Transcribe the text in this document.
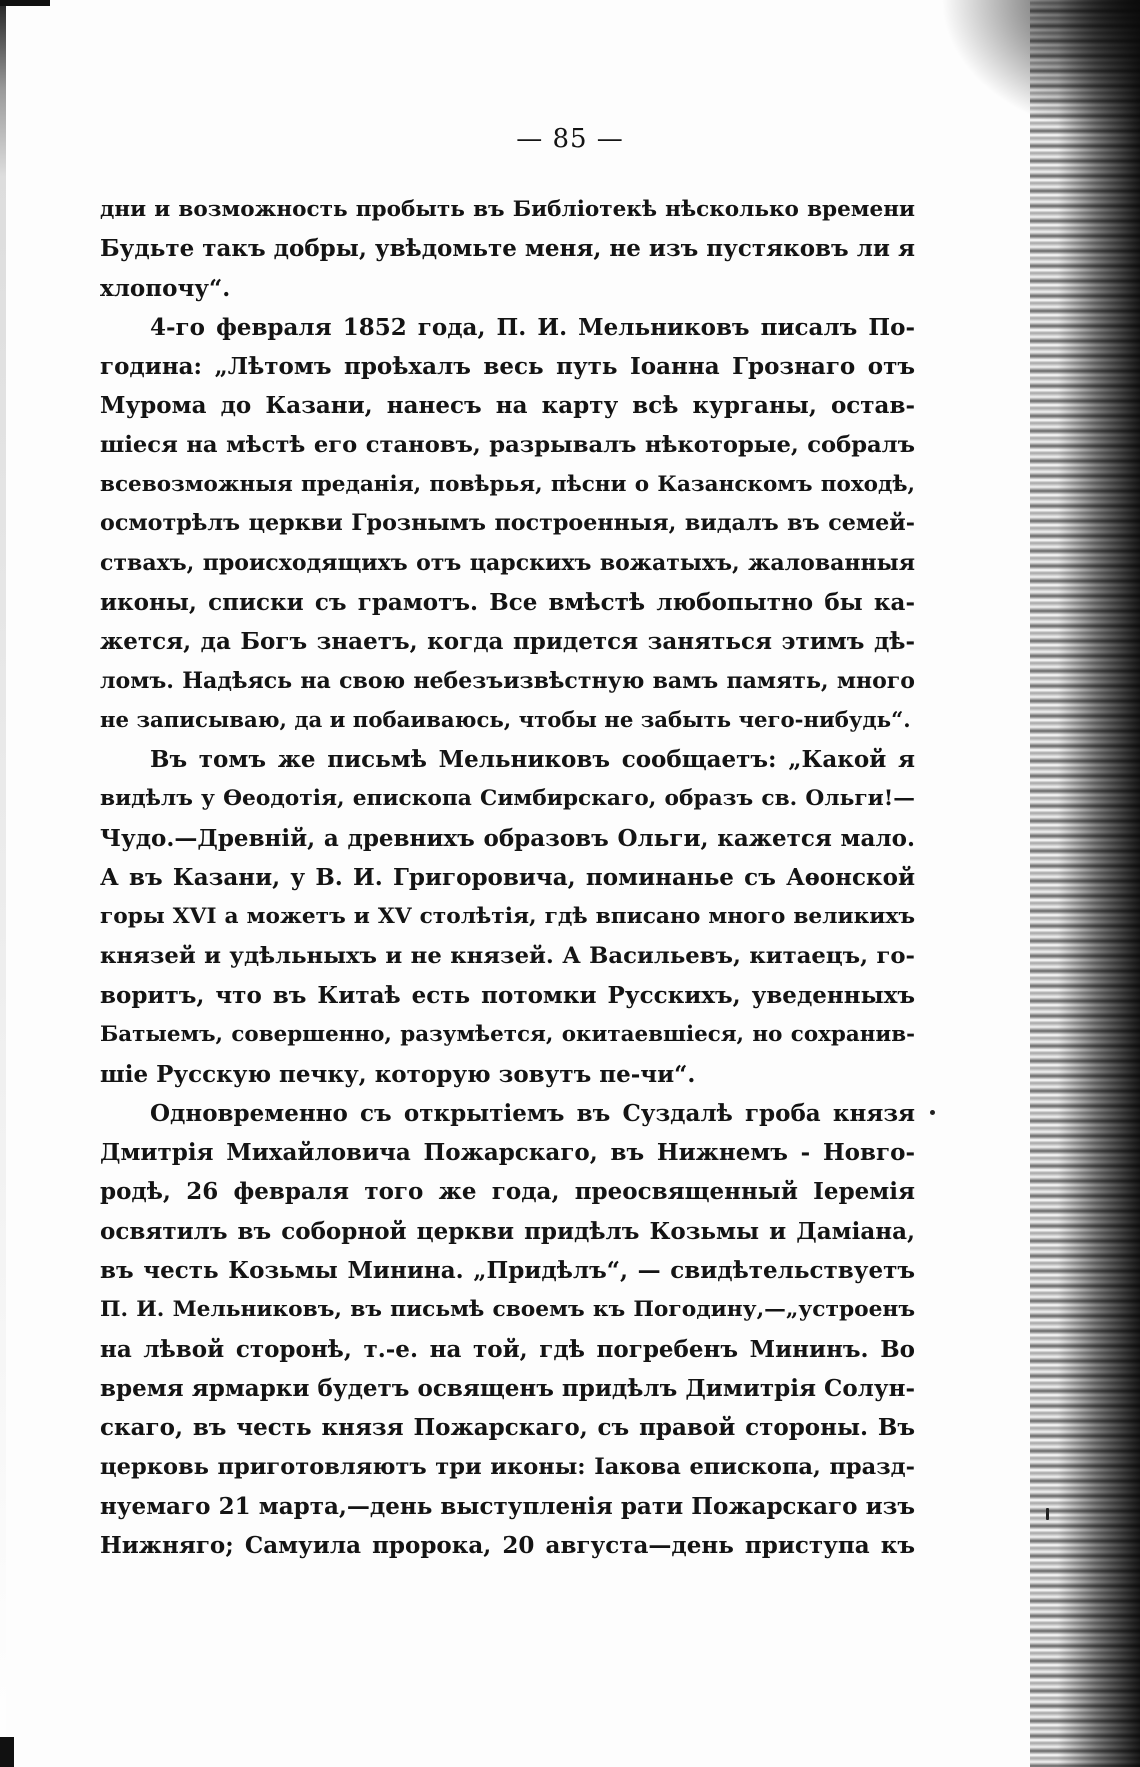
— 85 —
дни и возможность пробыть въ Библіотекѣ нѣсколько времени
Будьте такъ добры, увѣдомьте меня, не изъ пустяковъ ли я
хлопочу“.
4-го февраля 1852 года, П. И. Мельниковъ писалъ По-
година: „Лѣтомъ проѣхалъ весь путь Іоанна Грознаго отъ
Мурома до Казани, нанесъ на карту всѣ курганы, остав-
шіеся на мѣстѣ его становъ, разрывалъ нѣкоторые, собралъ
всевозможныя преданія, повѣрья, пѣсни о Казанскомъ походѣ,
осмотрѣлъ церкви Грознымъ построенныя, видалъ въ семей-
ствахъ, происходящихъ отъ царскихъ вожатыхъ, жалованныя
иконы, списки съ грамотъ. Все вмѣстѣ любопытно бы ка-
жется, да Богъ знаетъ, когда придется заняться этимъ дѣ-
ломъ. Надѣясь на свою небезъизвѣстную вамъ память, много
не записываю, да и побаиваюсь, чтобы не забыть чего-нибудь“.
Въ томъ же письмѣ Мельниковъ сообщаетъ: „Какой я
видѣлъ у Ѳеодотія, епископа Симбирскаго, образъ св. Ольги!—
Чудо.—Древній, а древнихъ образовъ Ольги, кажется мало.
А въ Казани, у В. И. Григоровича, поминанье съ Аѳонской
горы XVI а можетъ и XV столѣтія, гдѣ вписано много великихъ
князей и удѣльныхъ и не князей. А Васильевъ, китаецъ, го-
воритъ, что въ Китаѣ есть потомки Русскихъ, уведенныхъ
Батыемъ, совершенно, разумѣется, окитаевшіеся, но сохранив-
шіе Русскую печку, которую зовутъ пе-чи“.
Одновременно съ открытіемъ въ Суздалѣ гроба князя
Дмитрія Михайловича Пожарскаго, въ Нижнемъ - Новго-
родѣ, 26 февраля того же года, преосвященный Іеремія
освятилъ въ соборной церкви придѣлъ Козьмы и Даміана,
въ честь Козьмы Минина. „Придѣлъ“, — свидѣтельствуетъ
П. И. Мельниковъ, въ письмѣ своемъ къ Погодину,—„устроенъ
на лѣвой сторонѣ, т.-е. на той, гдѣ погребенъ Мининъ. Во
время ярмарки будетъ освященъ придѣлъ Димитрія Солун-
скаго, въ честь князя Пожарскаго, съ правой стороны. Въ
церковь приготовляютъ три иконы: Іакова епископа, празд-
нуемаго 21 марта,—день выступленія рати Пожарскаго изъ
Нижняго; Самуила пророка, 20 августа—день приступа къ
